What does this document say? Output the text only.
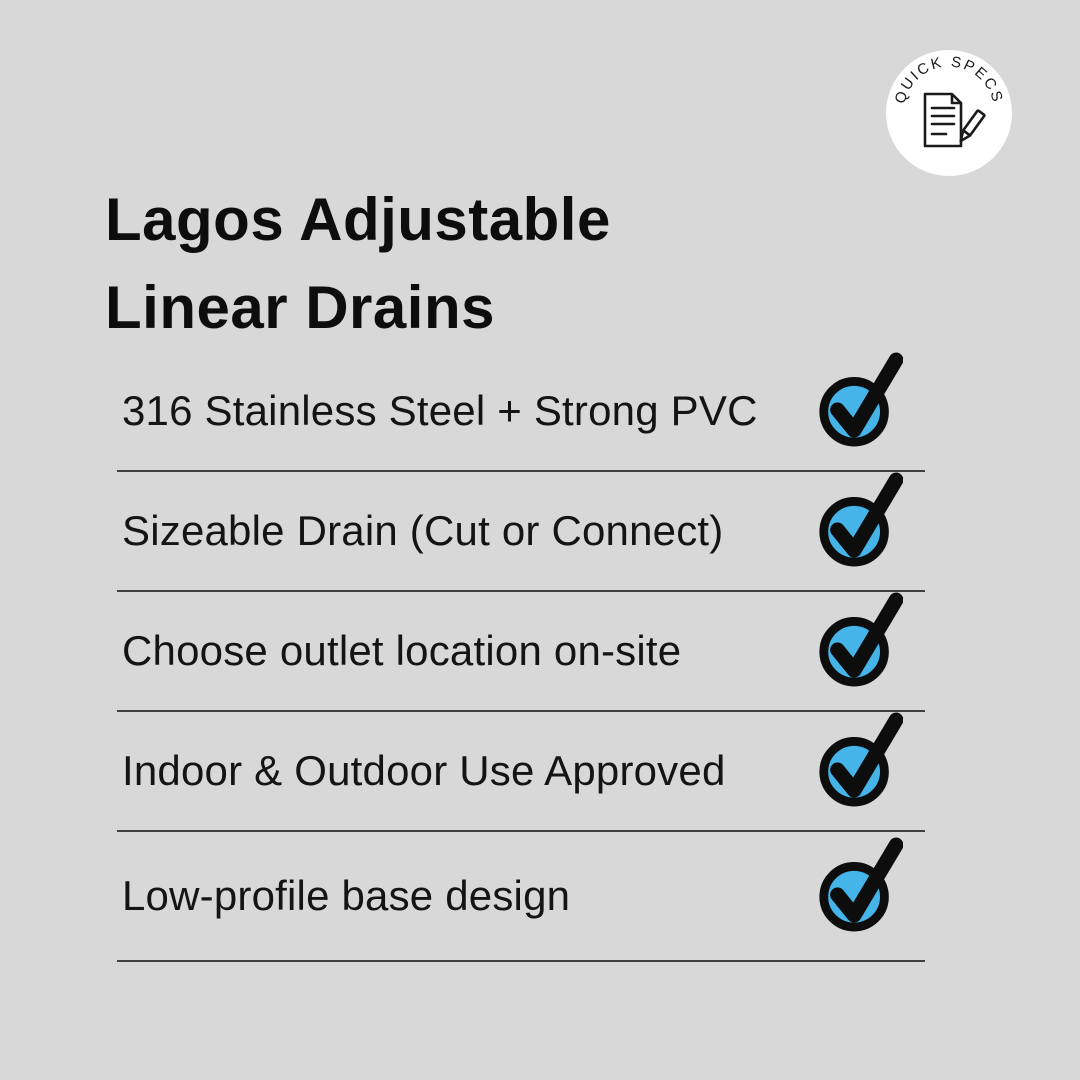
QUICK SPECS
Lagos Adjustable
Linear Drains
316 Stainless Steel + Strong PVC
Sizeable Drain (Cut or Connect)
Choose outlet location on-site
Indoor & Outdoor Use Approved
Low-profile base design
